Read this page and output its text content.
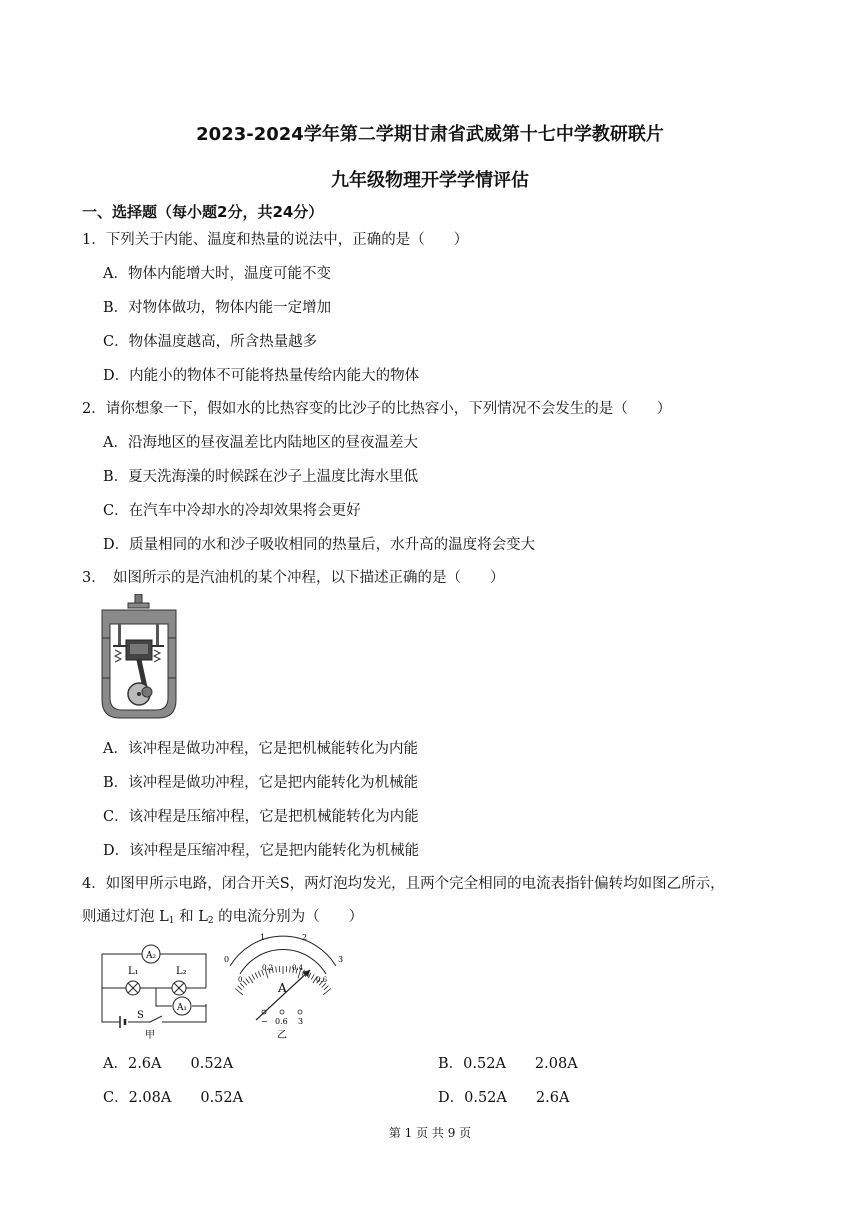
2023-2024学年第二学期甘肃省武威第十七中学教研联片
九年级物理开学学情评估
一、选择题（每小题2分，共24分）
1．下列关于内能、温度和热量的说法中，正确的是（　　）
A．物体内能增大时，温度可能不变
B．对物体做功，物体内能一定增加
C．物体温度越高，所含热量越多
D．内能小的物体不可能将热量传给内能大的物体
2．请你想象一下，假如水的比热容变的比沙子的比热容小，下列情况不会发生的是（　　）
A．沿海地区的昼夜温差比内陆地区的昼夜温差大
B．夏天洗海澡的时候踩在沙子上温度比海水里低
C．在汽车中冷却水的冷却效果将会更好
D．质量相同的水和沙子吸收相同的热量后，水升高的温度将会变大
3．　如图所示的是汽油机的某个冲程，以下描述正确的是（　　）
A．该冲程是做功冲程，它是把机械能转化为内能
B．该冲程是做功冲程，它是把内能转化为机械能
C．该冲程是压缩冲程，它是把机械能转化为内能
D．该冲程是压缩冲程，它是把内能转化为机械能
4．如图甲所示电路，闭合开关S，两灯泡均发光，且两个完全相同的电流表指针偏转均如图乙所示，
则通过灯泡 $L_1$ 和 $L_2$ 的电流分别为（　　）
A₂
L₁	L₂
A₁
S
甲
0
1	2
3
0
0.2	0.4
0.6
A
− 0.6 3
乙
A．2.6A　　0.52A	B．0.52A　　2.08A
C．2.08A　　0.52A	D．0.52A　　2.6A
第 1 页 共 9 页
